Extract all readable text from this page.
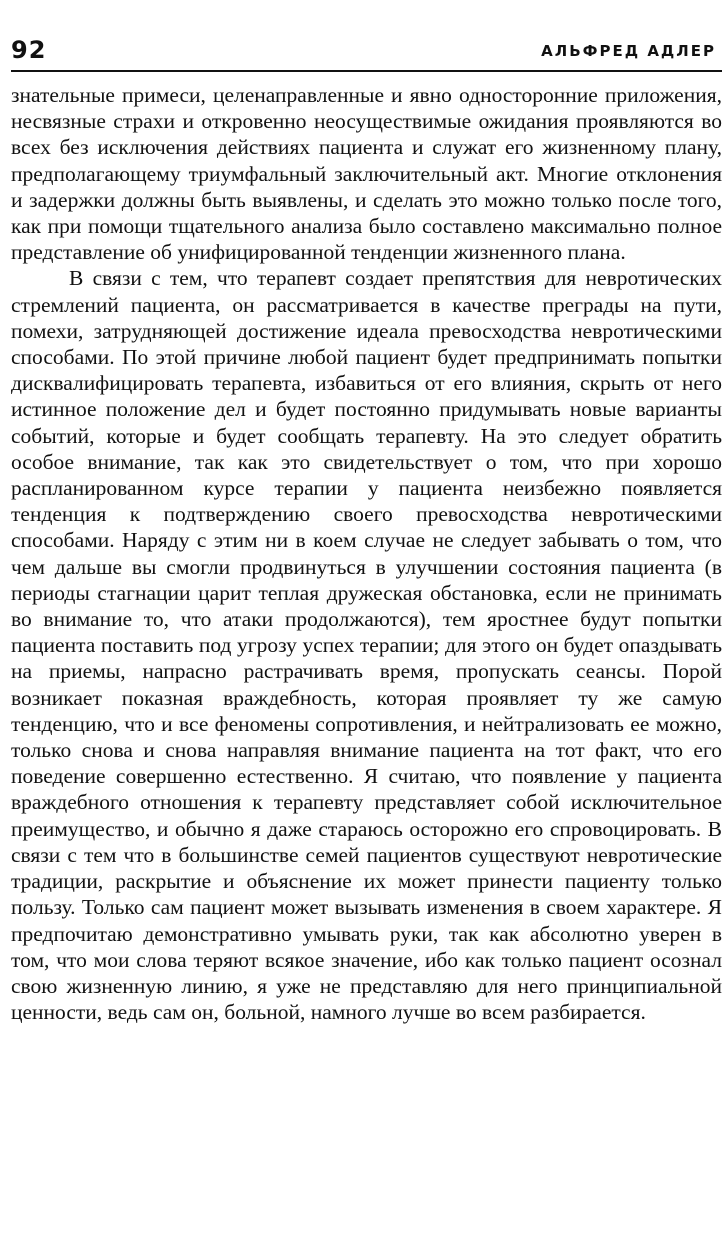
92	АЛЬФРЕД АДЛЕР

знательные примеси, целенаправленные и явно односторонние приложения, несвязные страхи и откровенно неосуществимые ожидания проявляются во всех без исключения действиях пациента и служат его жизненному плану, предполагающему триумфальный заключительный акт. Многие отклонения и задержки должны быть выявлены, и сделать это можно только после того, как при помощи тщательного анализа было составлено максимально полное представление об унифицированной тенденции жизненного плана.

В связи с тем, что терапевт создает препятствия для невротических стремлений пациента, он рассматривается в качестве преграды на пути, помехи, затрудняющей достижение идеала превосходства невротическими способами. По этой причине любой пациент будет предпринимать попытки дисквалифицировать терапевта, избавиться от его влияния, скрыть от него истинное положение дел и будет постоянно придумывать новые варианты событий, которые и будет сообщать терапевту. На это следует обратить особое внимание, так как это свидетельствует о том, что при хорошо распланированном курсе терапии у пациента неизбежно появляется тенденция к подтверждению своего превосходства невротическими способами. Наряду с этим ни в коем случае не следует забывать о том, что чем дальше вы смогли продвинуться в улучшении состояния пациента (в периоды стагнации царит теплая дружеская обстановка, если не принимать во внимание то, что атаки продолжаются), тем яростнее будут попытки пациента поставить под угрозу успех терапии; для этого он будет опаздывать на приемы, напрасно растрачивать время, пропускать сеансы. Порой возникает показная враждебность, которая проявляет ту же самую тенденцию, что и все феномены сопротивления, и нейтрализовать ее можно, только снова и снова направляя внимание пациента на тот факт, что его поведение совершенно естественно. Я считаю, что появление у пациента враждебного отношения к терапевту представляет собой исключительное преимущество, и обычно я даже стараюсь осторожно его спровоцировать. В связи с тем что в большинстве семей пациентов существуют невротические традиции, раскрытие и объяснение их может принести пациенту только пользу. Только сам пациент может вызывать изменения в своем характере. Я предпочитаю демонстративно умывать руки, так как абсолютно уверен в том, что мои слова теряют всякое значение, ибо как только пациент осознал свою жизненную линию, я уже не представляю для него принципиальной ценности, ведь сам он, больной, намного лучше во всем разбирается.
